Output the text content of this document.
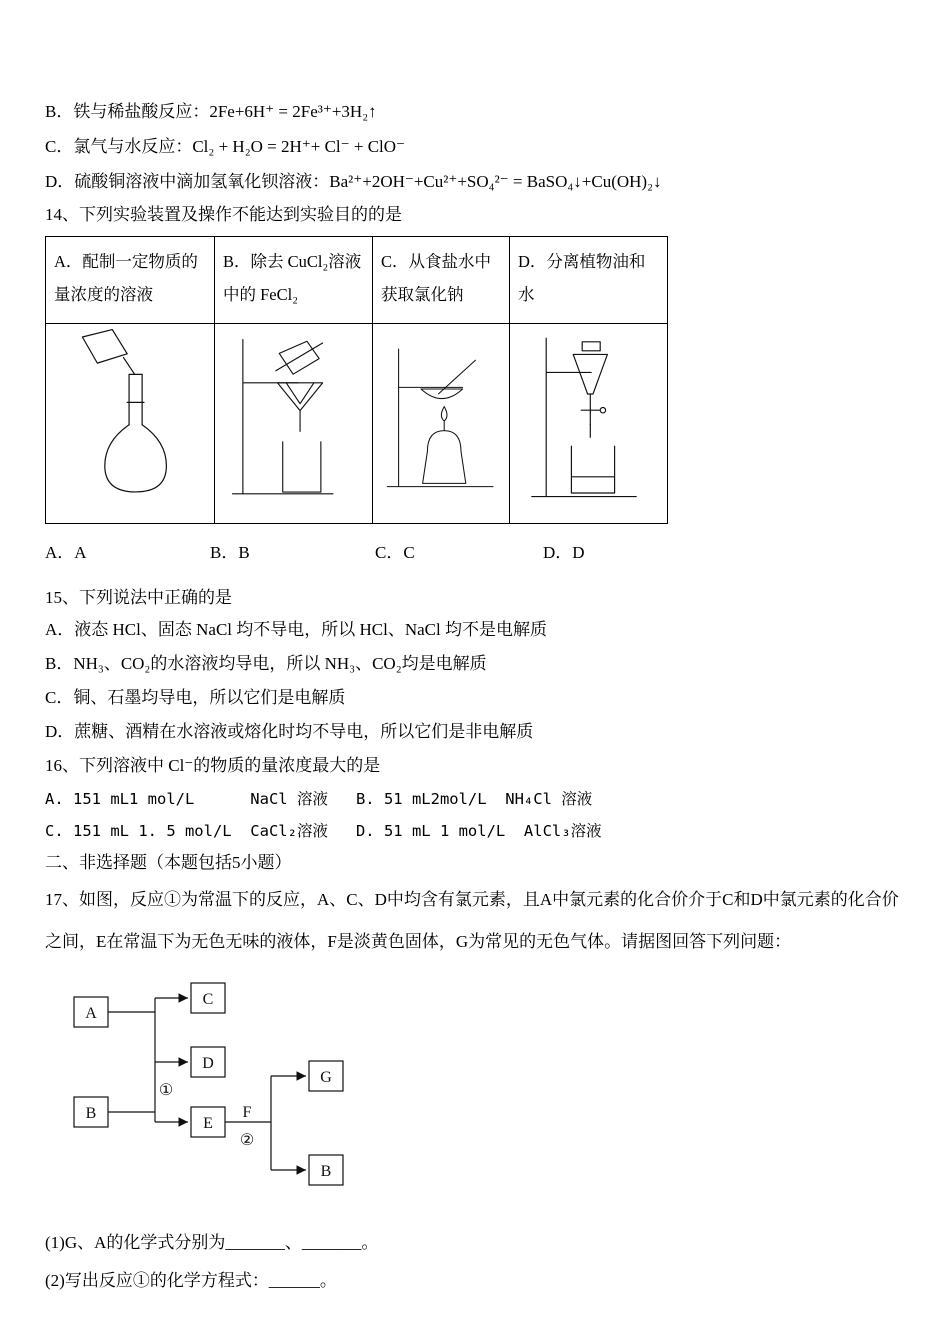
B．铁与稀盐酸反应：2Fe+6H⁺ = 2Fe³⁺+3H₂↑

C．氯气与水反应：Cl₂ + H₂O = 2H⁺+ Cl⁻ + ClO⁻

D．硫酸铜溶液中滴加氢氧化钡溶液：Ba²⁺+2OH⁻+Cu²⁺+SO₄²⁻ = BaSO₄↓+Cu(OH)₂↓

14、下列实验装置及操作不能达到实验目的的是

A．配制一定物质的量浓度的溶液	B．除去 CuCl₂溶液中的 FeCl₂	C．从食盐水中获取氯化钠	D．分离植物油和水

A．A	B．B	C．C	D．D

15、下列说法中正确的是

A．液态 HCl、固态 NaCl 均不导电，所以 HCl、NaCl 均不是电解质

B．NH₃、CO₂的水溶液均导电，所以 NH₃、CO₂均是电解质

C．铜、石墨均导电，所以它们是电解质

D．蔗糖、酒精在水溶液或熔化时均不导电，所以它们是非电解质

16、下列溶液中 Cl⁻的物质的量浓度最大的是

A. 151 mL1 mol/L      NaCl 溶液   B. 51 mL2mol/L  NH₄Cl 溶液

C. 151 mL 1. 5 mol/L  CaCl₂溶液   D. 51 mL 1 mol/L  AlCl₃溶液

二、非选择题（本题包括5小题）

17、如图，反应①为常温下的反应，A、C、D中均含有氯元素，且A中氯元素的化合价介于C和D中氯元素的化合价

之间，E在常温下为无色无味的液体，F是淡黄色固体，G为常见的无色气体。请据图回答下列问题：

A
B
C
D
E
G
B
①
F
②

(1)G、A的化学式分别为_______、_______。

(2)写出反应①的化学方程式：______。
